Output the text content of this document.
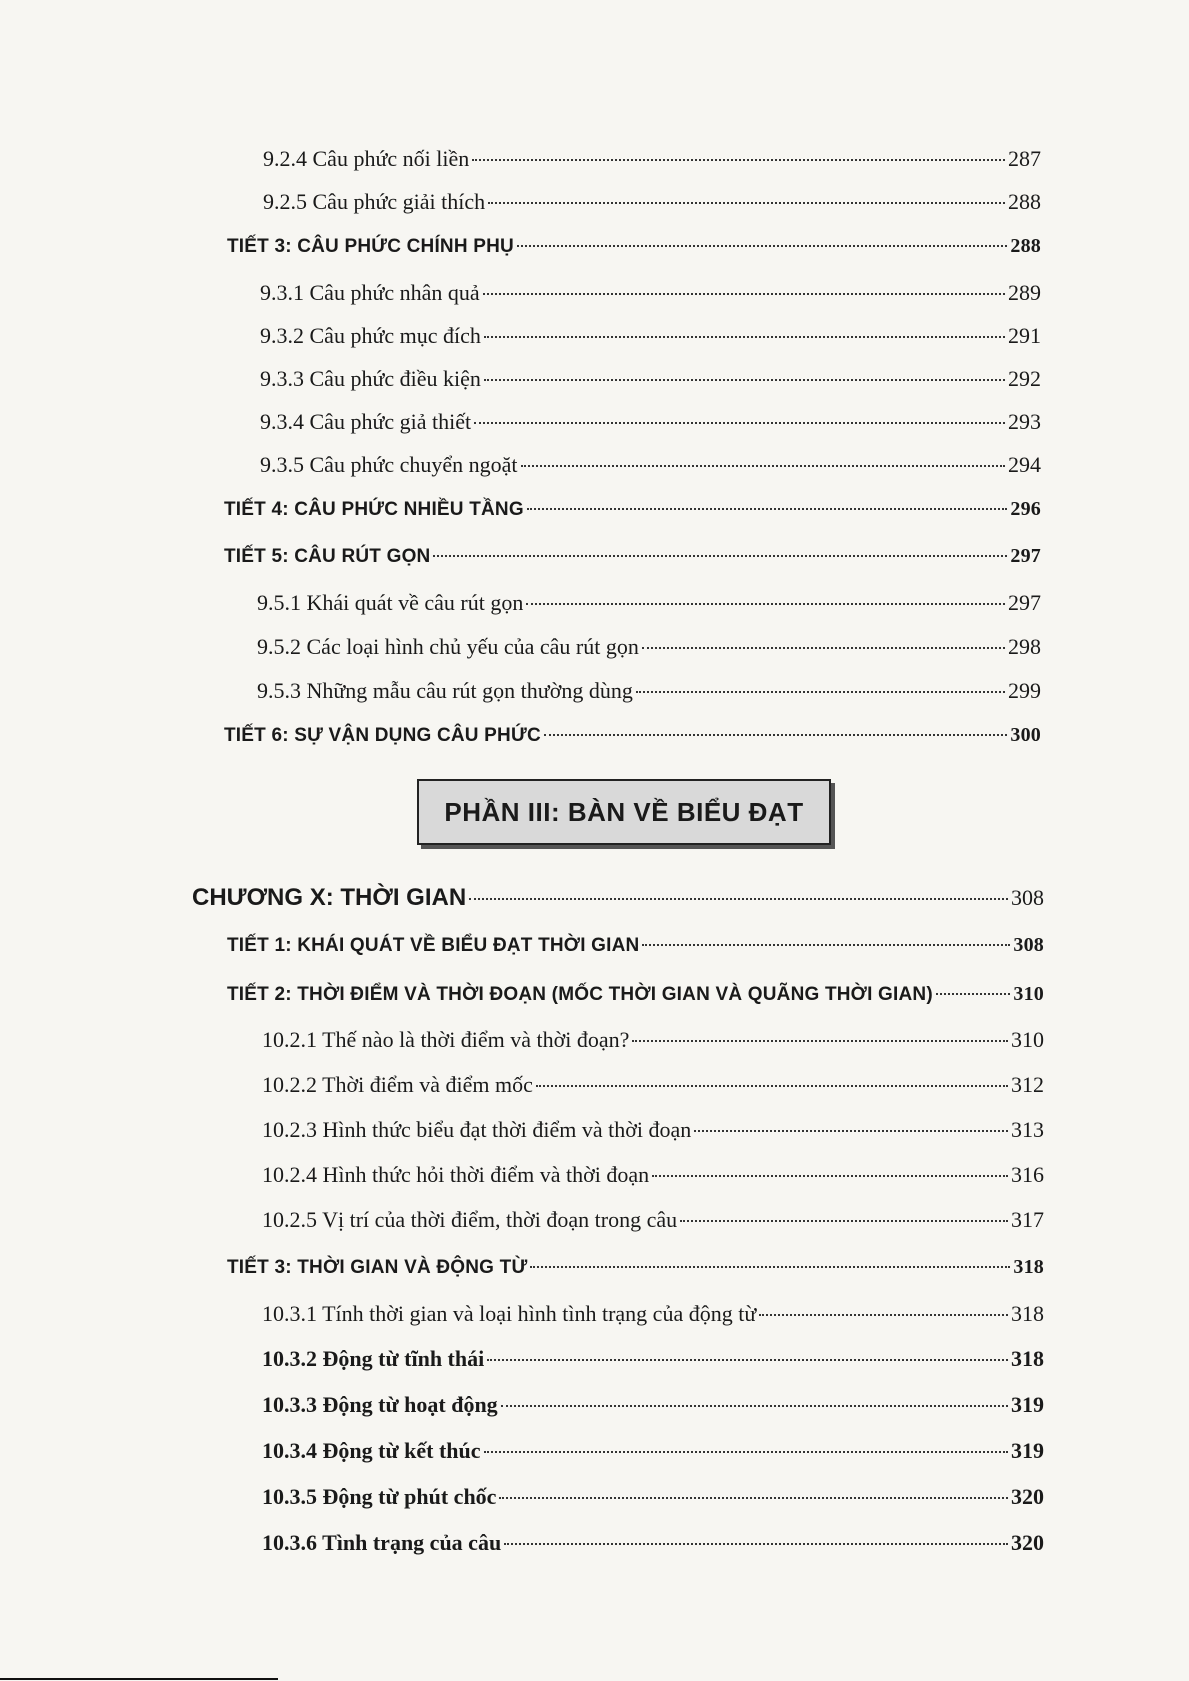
9.2.4 Câu phức nối liền	287
9.2.5 Câu phức giải thích	288
TIẾT 3: CÂU PHỨC CHÍNH PHỤ	288
9.3.1 Câu phức nhân quả	289
9.3.2 Câu phức mục đích	291
9.3.3 Câu phức điều kiện	292
9.3.4 Câu phức giả thiết	293
9.3.5 Câu phức chuyển ngoặt	294
TIẾT 4: CÂU PHỨC NHIỀU TẦNG	296
TIẾT 5: CÂU RÚT GỌN	297
9.5.1 Khái quát về câu rút gọn	297
9.5.2 Các loại hình chủ yếu của câu rút gọn	298
9.5.3 Những mẫu câu rút gọn thường dùng	299
TIẾT 6: SỰ VẬN DỤNG CÂU PHỨC	300
PHẦN III: BÀN VỀ BIỂU ĐẠT
CHƯƠNG X: THỜI GIAN	308
TIẾT 1: KHÁI QUÁT VỀ BIỂU ĐẠT THỜI GIAN	308
TIẾT 2: THỜI ĐIỂM VÀ THỜI ĐOẠN (MỐC THỜI GIAN VÀ QUÃNG THỜI GIAN)	310
10.2.1 Thế nào là thời điểm và thời đoạn?	310
10.2.2 Thời điểm và điểm mốc	312
10.2.3 Hình thức biểu đạt thời điểm và thời đoạn	313
10.2.4 Hình thức hỏi thời điểm và thời đoạn	316
10.2.5 Vị trí của thời điểm, thời đoạn trong câu	317
TIẾT 3: THỜI GIAN VÀ ĐỘNG TỪ	318
10.3.1 Tính thời gian và loại hình tình trạng của động từ	318
10.3.2 Động từ tĩnh thái	318
10.3.3 Động từ hoạt động	319
10.3.4 Động từ kết thúc	319
10.3.5 Động từ phút chốc	320
10.3.6 Tình trạng của câu	320
